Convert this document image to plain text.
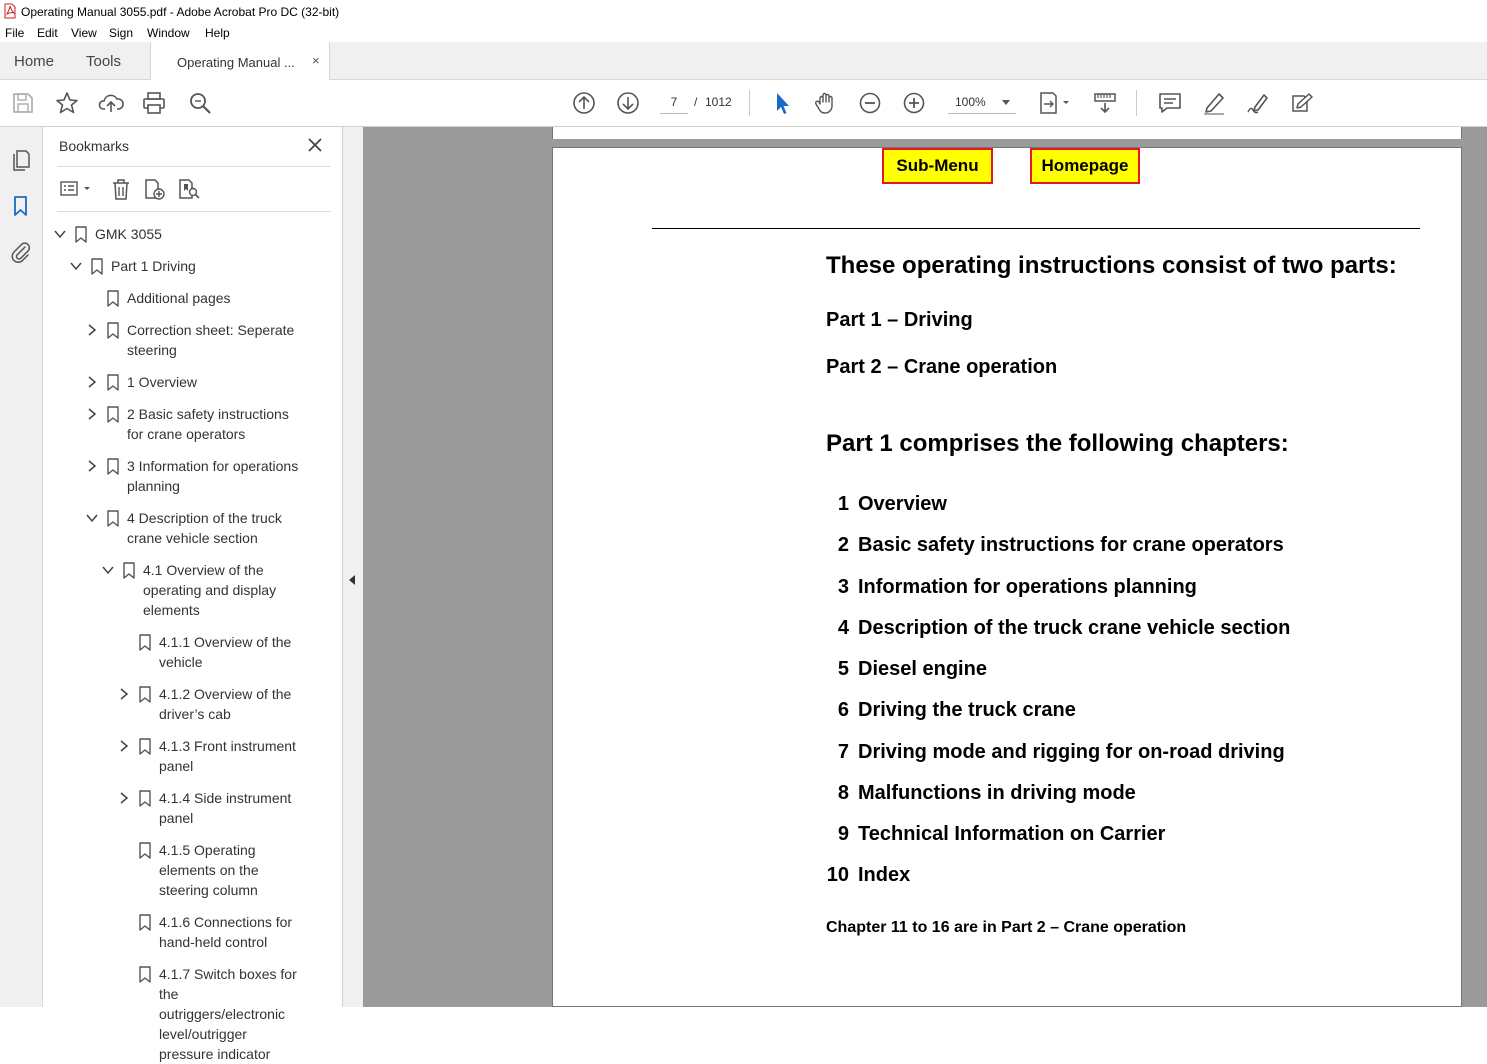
Operating Manual 3055.pdf - Adobe Acrobat Pro DC (32-bit)
File Edit View Sign Window Help
Home Tools	Operating Manual ... ×
7	/ 1012	100%
Bookmarks
GMK 3055
Part 1 Driving
Additional pages
Correction sheet: Seperate
steering
1 Overview
2 Basic safety instructions
for crane operators
3 Information for operations
planning
4 Description of the truck
crane vehicle section
4.1 Overview of the
operating and display
elements
4.1.1 Overview of the
vehicle
4.1.2 Overview of the
driver’s cab
4.1.3 Front instrument
panel
4.1.4 Side instrument
panel
4.1.5 Operating
elements on the
steering column
4.1.6 Connections for
hand-held control
4.1.7 Switch boxes for
the
outriggers/electronic
level/outrigger
pressure indicator
Sub-Menu	Homepage
These operating instructions consist of two parts:
Part 1 – Driving
Part 2 – Crane operation
Part 1 comprises the following chapters:
1 Overview
2 Basic safety instructions for crane operators
3 Information for operations planning
4 Description of the truck crane vehicle section
5 Diesel engine
6 Driving the truck crane
7 Driving mode and rigging for on-road driving
8 Malfunctions in driving mode
9 Technical Information on Carrier
10 Index
Chapter 11 to 16 are in Part 2 – Crane operation
